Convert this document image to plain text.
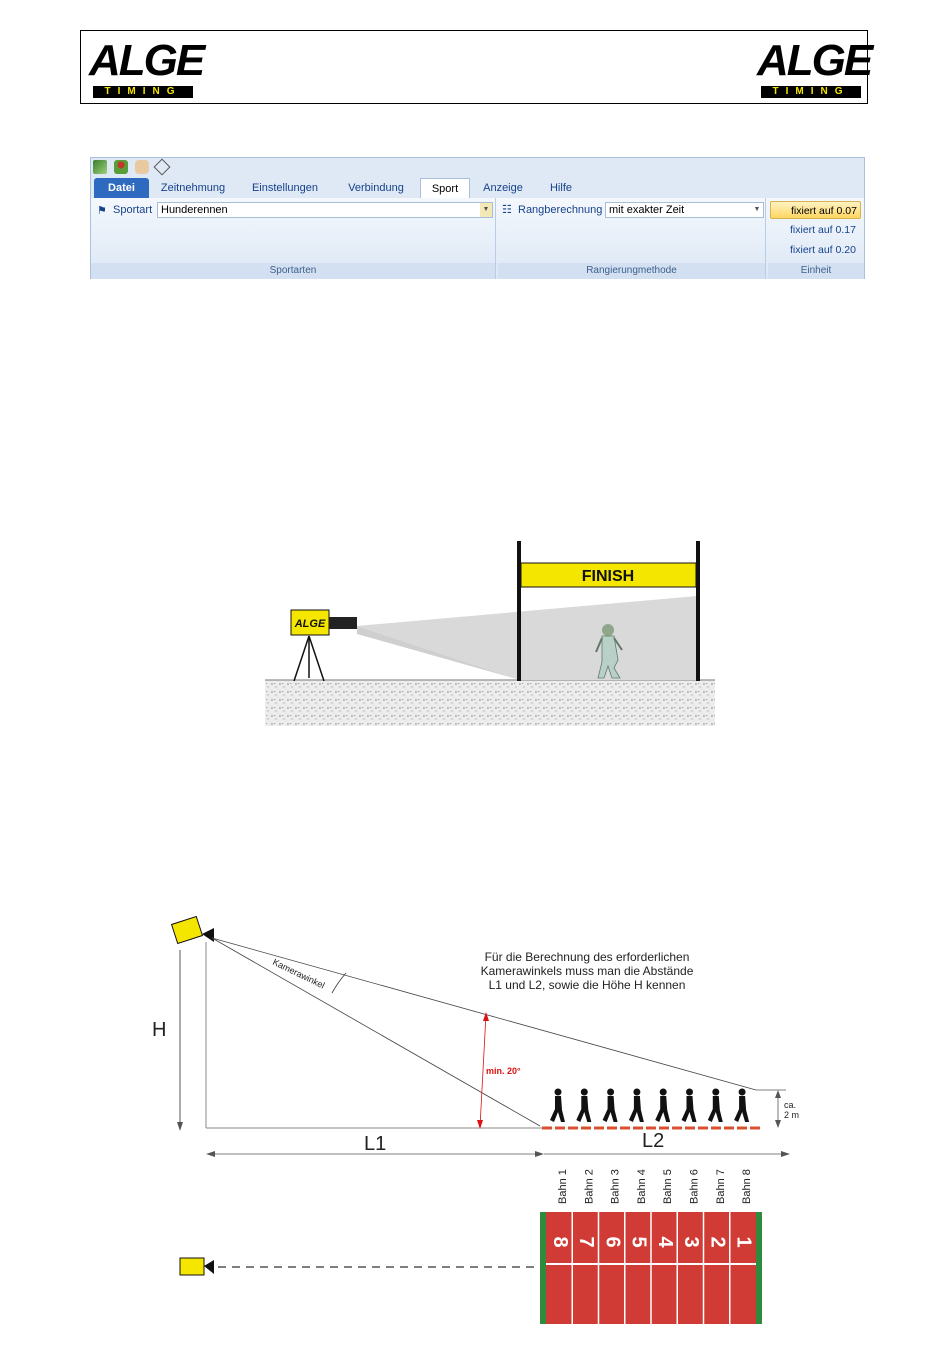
ALGE
TIMING
ALGE
TIMING

Datei	Zeitnehmung	Einstellungen	Verbindung	Sport	Anzeige	Hilfe
⚑ Sportart Hunderennen	▼
Sportarten
☷ Rangberechnung mit exakter Zeit	▼
Rangierungmethode
fixiert auf 0.07
fixiert auf 0.17
fixiert auf 0.20
Einheit
FINISH
ALGE
H
Kamerawinkel
min. 20°
Für die Berechnung des erforderlichen
Kamerawinkels muss man die Abstände
L1 und L2, sowie die Höhe H kennen
ca.
2 m
L1	L2
Bahn 1 Bahn 2 Bahn 3 Bahn 4 Bahn 5 Bahn 6 Bahn 7 Bahn 8
8 7 6 5 4 3 2 1
